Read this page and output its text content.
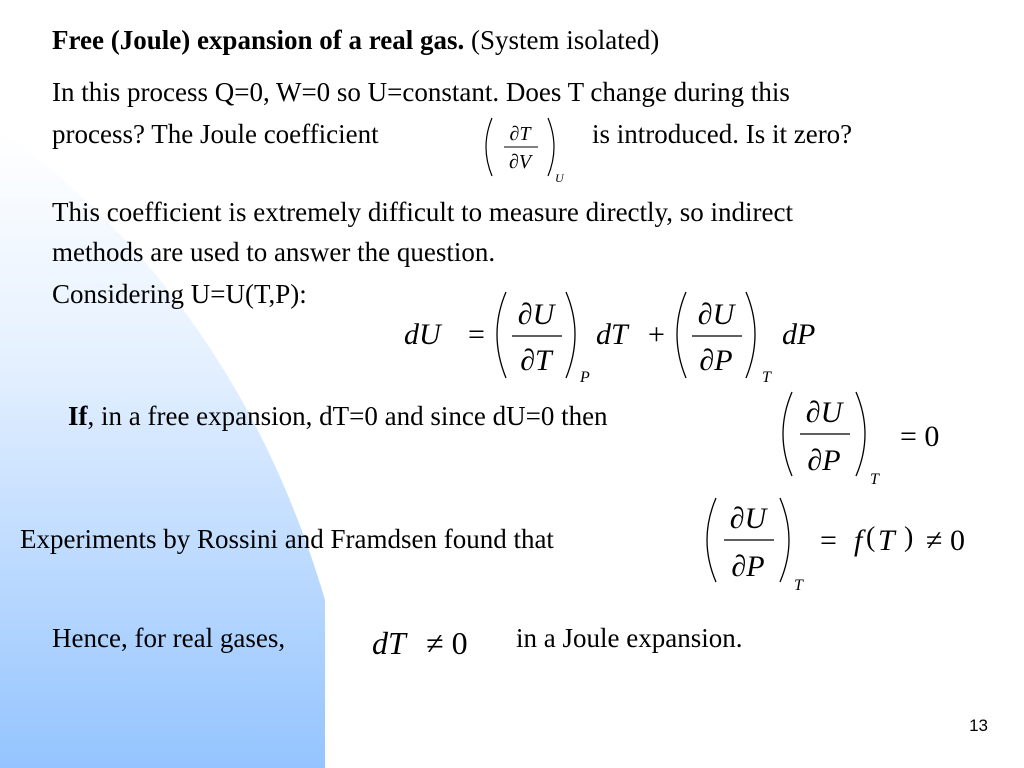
Free (Joule) expansion of a real gas. (System isolated)
In this process Q=0, W=0 so U=constant. Does T change during this
process? The Joule coefficient	∂T
∂V
U
is introduced. Is it zero?
This coefficient is extremely difficult to measure directly, so indirect
methods are used to answer the question.
Considering U=U(T,P):
dU =
∂U
∂T
P
dT +
∂U
∂P
T
dP
If, in a free expansion, dT=0 and since dU=0 then	∂U
∂P
T
= 0
Experiments by Rossini and Framdsen found that
∂U
∂P
T
= f ( T ) ≠ 0
Hence, for real gases,	dT ≠ 0 in a Joule expansion.
13
